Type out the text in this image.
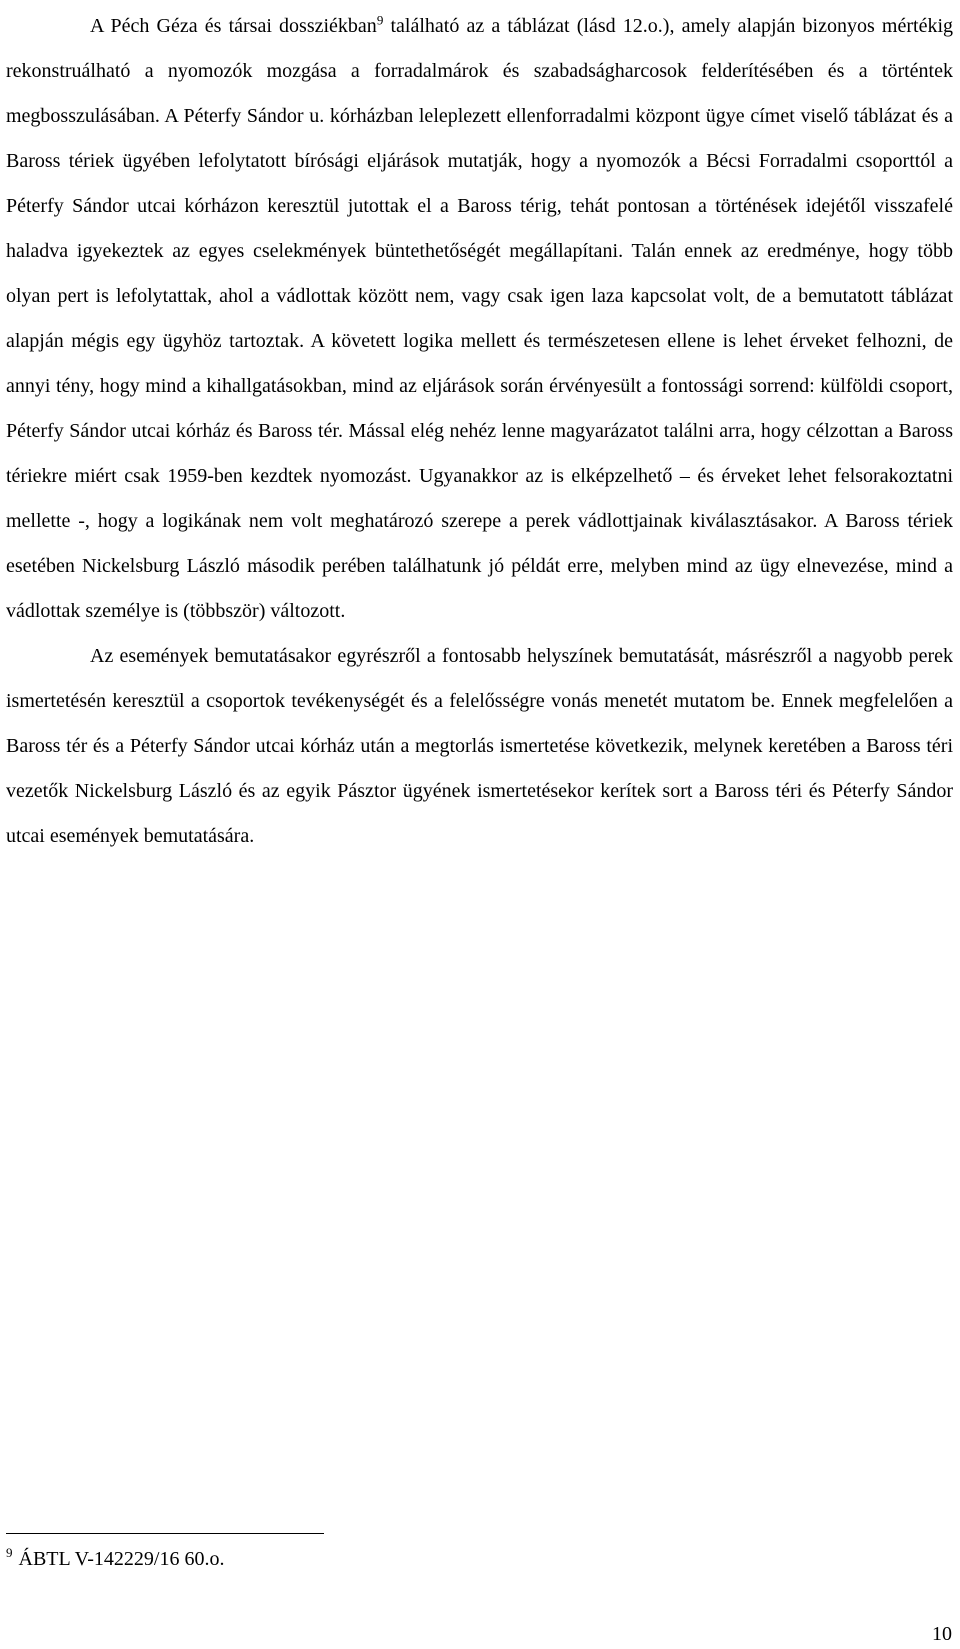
A Péch Géza és társai dossziékban$^9$ található az a táblázat (lásd 12.o.), amely alapján bizonyos mértékig rekonstruálható a nyomozók mozgása a forradalmárok és szabadságharcosok felderítésében és a történtek megbosszulásában. A Péterfy Sándor u. kórházban leleplezett ellenforradalmi központ ügye címet viselő táblázat és a Baross tériek ügyében lefolytatott bírósági eljárások mutatják, hogy a nyomozók a Bécsi Forradalmi csoporttól a Péterfy Sándor utcai kórházon keresztül jutottak el a Baross térig, tehát pontosan a történések idejétől visszafelé haladva igyekeztek az egyes cselekmények büntethetőségét megállapítani. Talán ennek az eredménye, hogy több olyan pert is lefolytattak, ahol a vádlottak között nem, vagy csak igen laza kapcsolat volt, de a bemutatott táblázat alapján mégis egy ügyhöz tartoztak. A követett logika mellett és természetesen ellene is lehet érveket felhozni, de annyi tény, hogy mind a kihallgatásokban, mind az eljárások során érvényesült a fontossági sorrend: külföldi csoport, Péterfy Sándor utcai kórház és Baross tér. Mással elég nehéz lenne magyarázatot találni arra, hogy célzottan a Baross tériekre miért csak 1959-ben kezdtek nyomozást. Ugyanakkor az is elképzelhető – és érveket lehet felsorakoztatni mellette -, hogy a logikának nem volt meghatározó szerepe a perek vádlottjainak kiválasztásakor. A Baross tériek esetében Nickelsburg László második perében találhatunk jó példát erre, melyben mind az ügy elnevezése, mind a vádlottak személye is (többször) változott.

Az események bemutatásakor egyrészről a fontosabb helyszínek bemutatását, másrészről a nagyobb perek ismertetésén keresztül a csoportok tevékenységét és a felelősségre vonás menetét mutatom be. Ennek megfelelően a Baross tér és a Péterfy Sándor utcai kórház után a megtorlás ismertetése következik, melynek keretében a Baross téri vezetők Nickelsburg László és az egyik Pásztor ügyének ismertetésekor kerítek sort a Baross téri és Péterfy Sándor utcai események bemutatására.

$^9$ ÁBTL V-142229/16 60.o.
10
